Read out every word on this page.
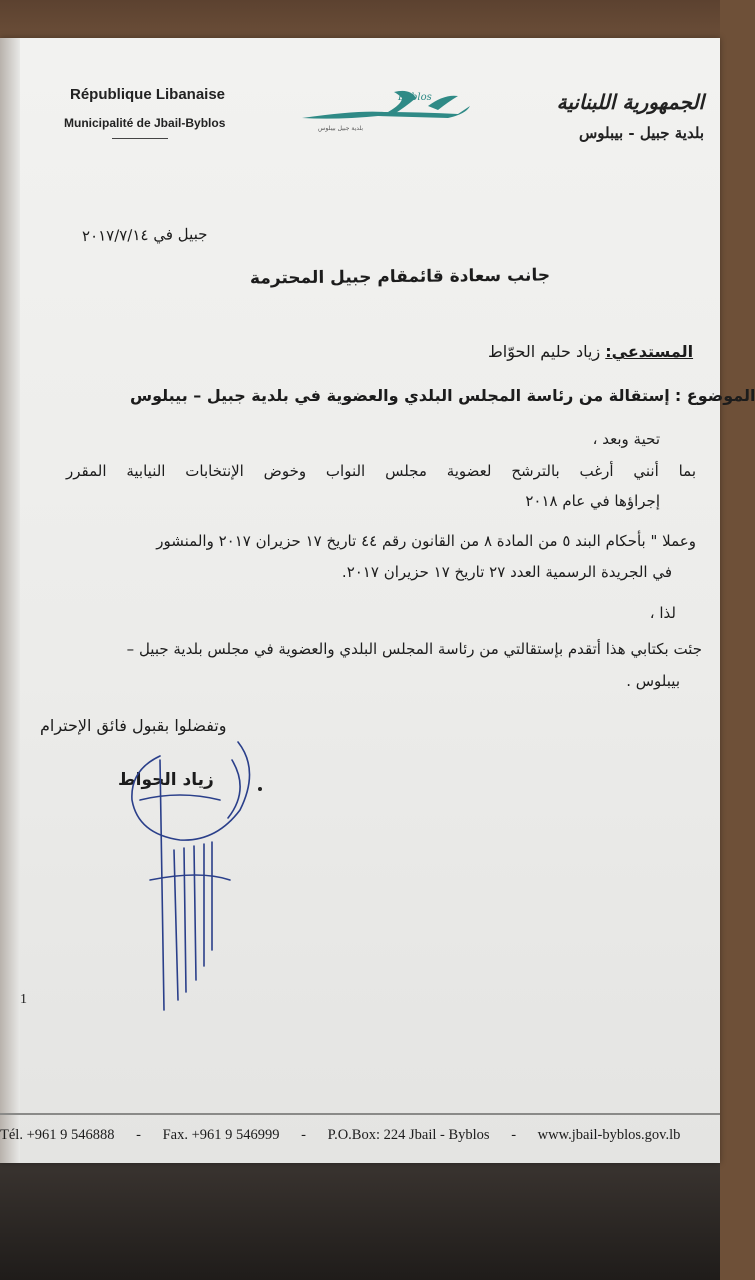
République Libanaise
Municipalité de Jbail-Byblos
Byblos
بلدية جبيل بيبلوس
الجمهورية اللبنانية
بلدية جبيل - بيبلوس
جبيل في ٢٠١٧/٧/١٤
جانب سعادة قائمقام جبيل المحترمة
المستدعي: زياد حليم الحوّاط
الموضوع : إستقالة من رئاسة المجلس البلدي والعضوية في بلدية جبيل – بيبلوس
تحية وبعد ،
بما أنني أرغب بالترشح لعضوية مجلس النواب وخوض الإنتخابات النيابية المقرر
إجراؤها في عام ٢٠١٨
وعملا " بأحكام البند ٥ من المادة ٨ من القانون رقم ٤٤ تاريخ ١٧ حزيران ٢٠١٧ والمنشور
في الجريدة الرسمية العدد ٢٧ تاريخ ١٧ حزيران ٢٠١٧.
لذا ،
جئت بكتابي هذا أتقدم بإستقالتي من رئاسة المجلس البلدي والعضوية في مجلس بلدية جبيل –
بيبلوس .
وتفضلوا بقبول فائق الإحترام
زياد الحواط
1
Tél. +961 9 546888 - Fax. +961 9 546999 - P.O.Box: 224 Jbail - Byblos - www.jbail-byblos.gov.lb
